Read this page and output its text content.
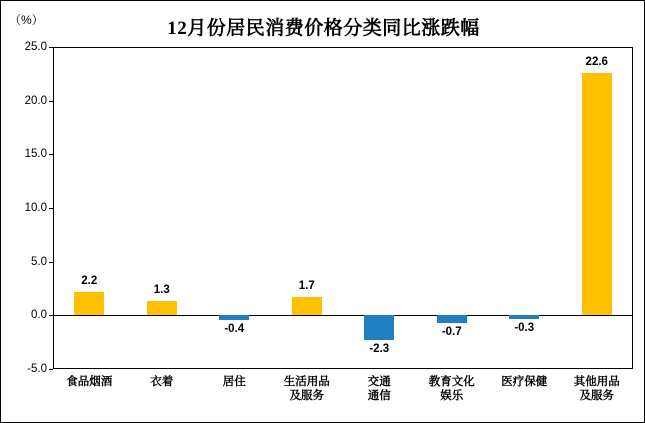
（%）	12月份居民消费价格分类同比涨跌幅
-5.0
0.0
5.0
10.0
15.0
20.0
25.0
2.2
1.3
-0.4
1.7
-2.3
-0.7	-0.3
22.6
食品烟酒	衣着	居住	生活用品
及服务
交通
通信
教育文化
娱乐
医疗保健	其他用品
及服务
